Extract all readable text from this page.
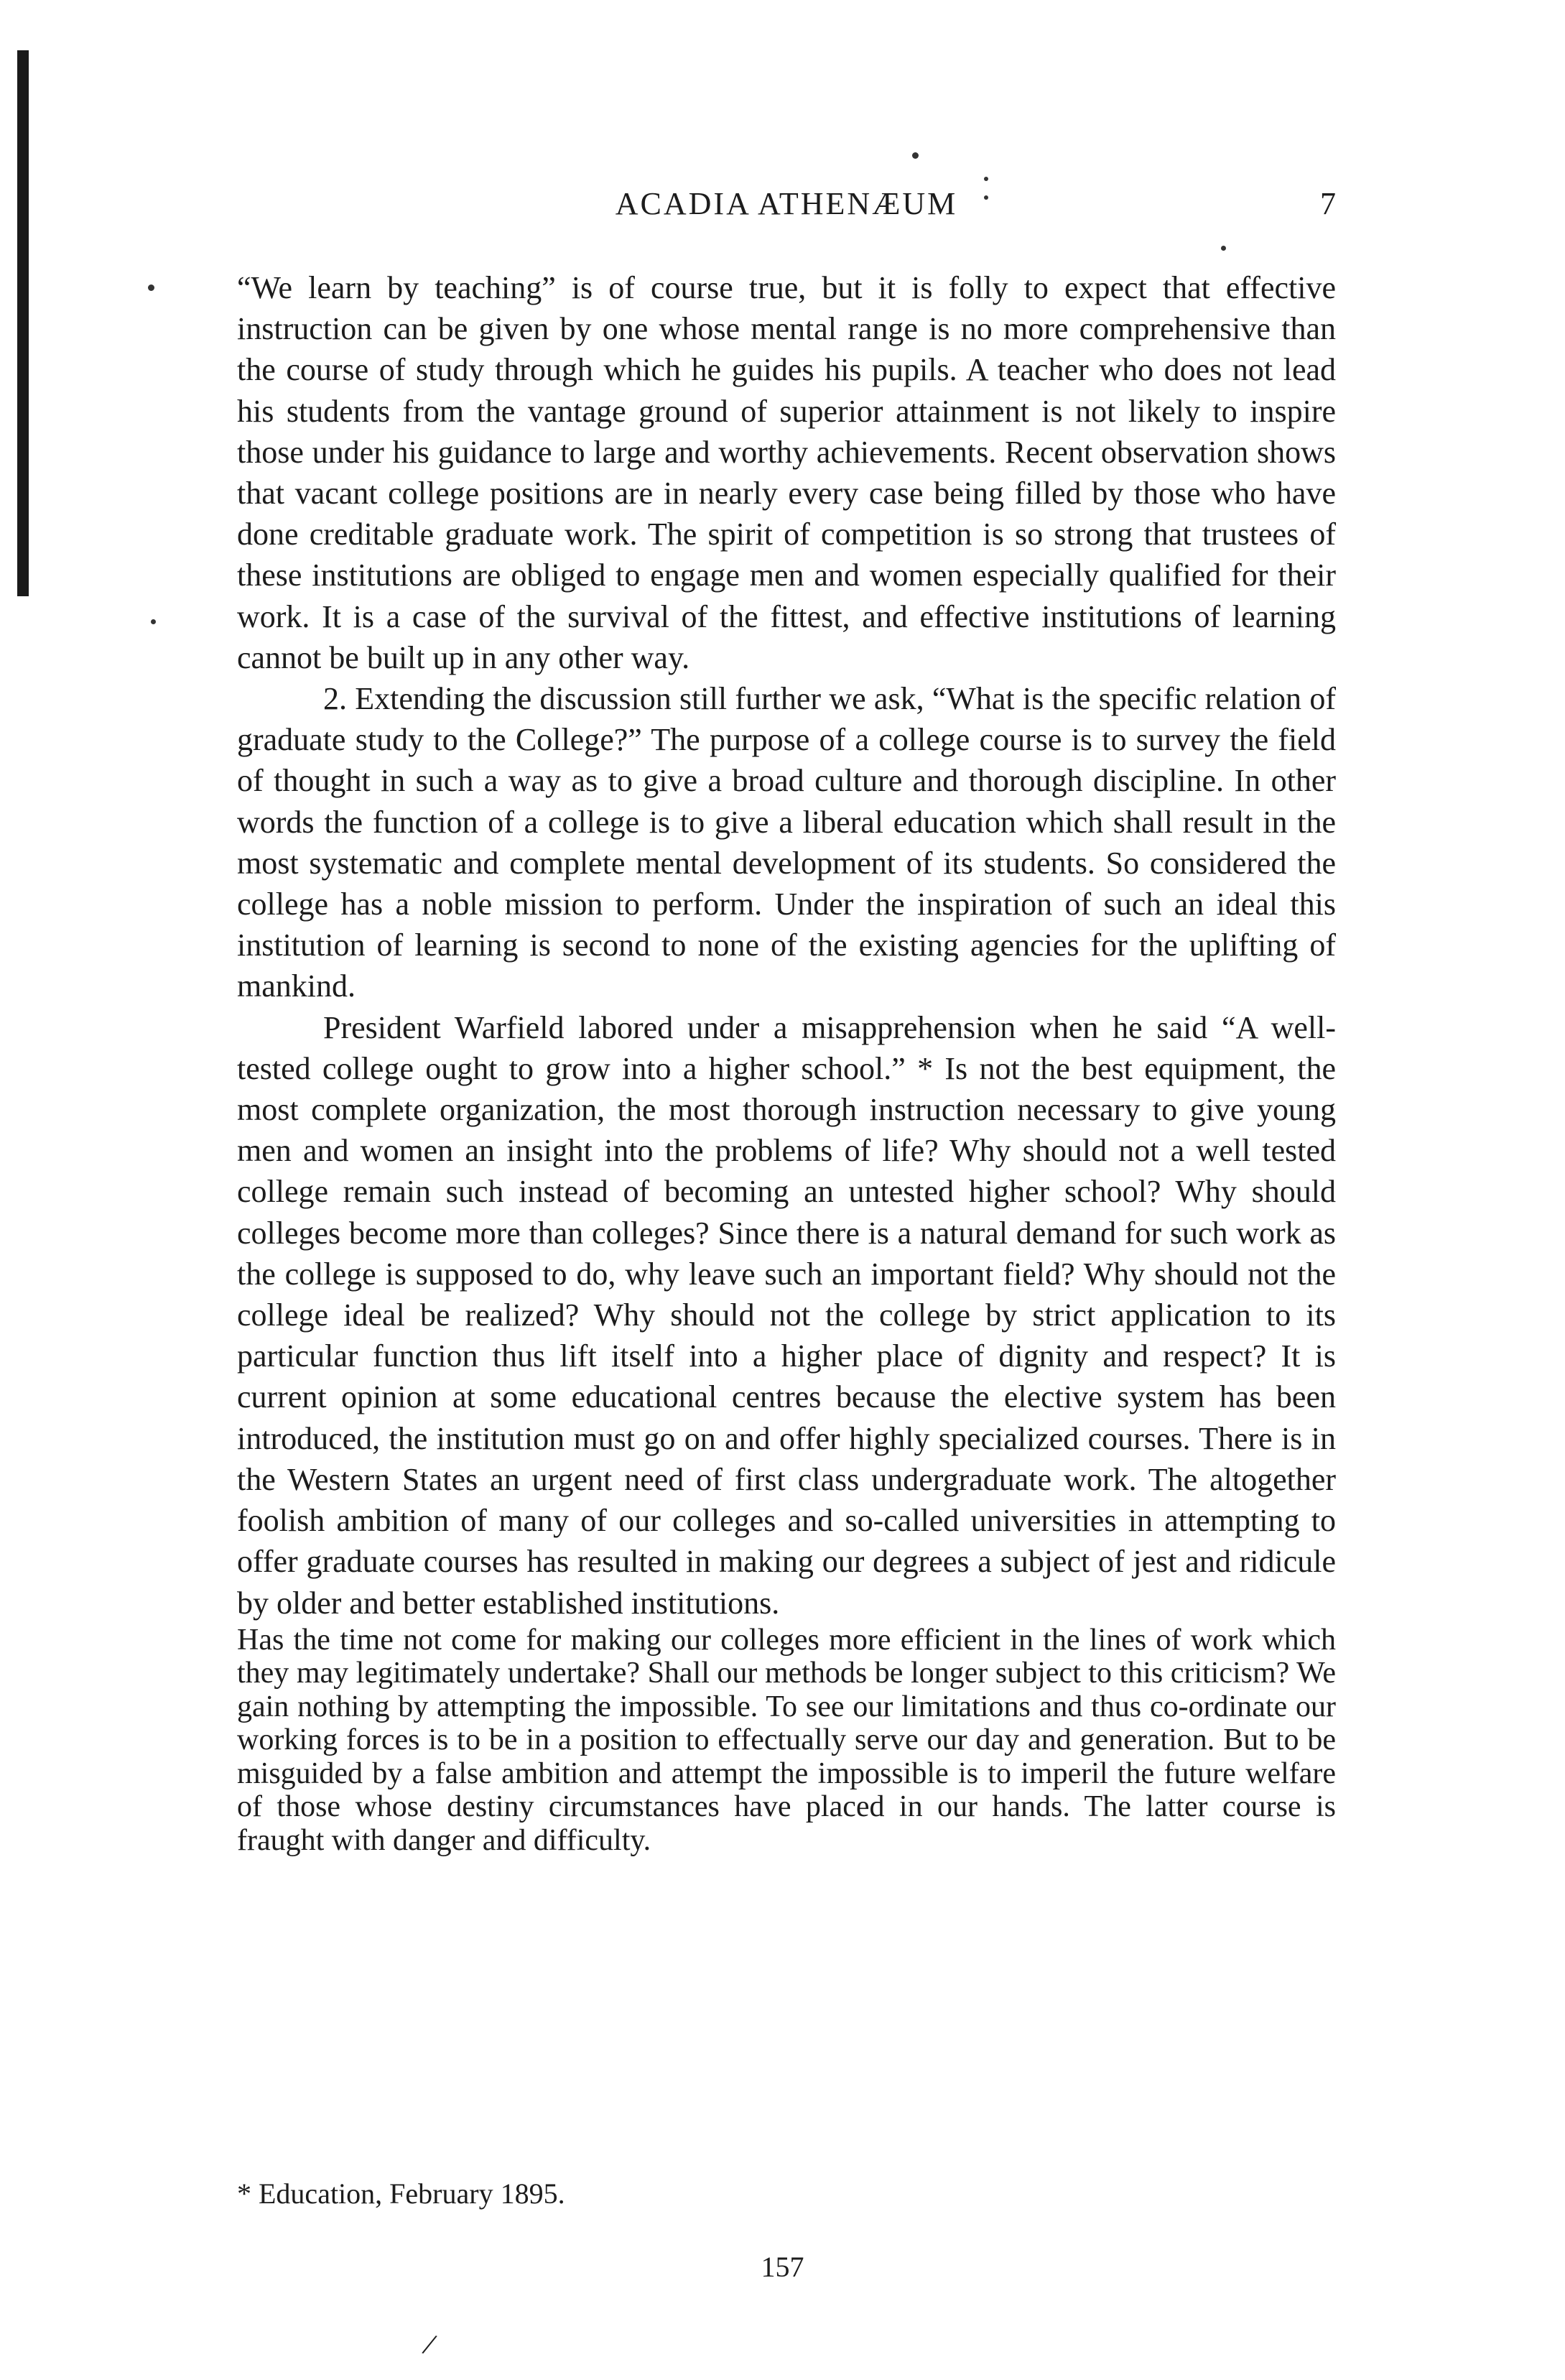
ACADIA ATHENÆUM	7

“We learn by teaching” is of course true, but it is folly to expect that effective instruction can be given by one whose mental range is no more comprehensive than the course of study through which he guides his pupils. A teacher who does not lead his students from the vantage ground of superior attainment is not likely to inspire those under his guidance to large and worthy achievements. Recent observation shows that vacant college positions are in nearly every case being filled by those who have done creditable graduate work. The spirit of competition is so strong that trustees of these institutions are obliged to engage men and women especially qualified for their work. It is a case of the survival of the fittest, and effective institutions of learning cannot be built up in any other way.

2. Extending the discussion still further we ask, “What is the specific relation of graduate study to the College?” The purpose of a college course is to survey the field of thought in such a way as to give a broad culture and thorough discipline. In other words the function of a college is to give a liberal education which shall result in the most systematic and complete mental development of its students. So considered the college has a noble mission to perform. Under the inspiration of such an ideal this institution of learning is second to none of the existing agencies for the uplifting of mankind.

President Warfield labored under a misapprehension when he said “A well-tested college ought to grow into a higher school.” * Is not the best equipment, the most complete organization, the most thorough instruction necessary to give young men and women an insight into the problems of life? Why should not a well tested college remain such instead of becoming an untested higher school? Why should colleges become more than colleges? Since there is a natural demand for such work as the college is supposed to do, why leave such an important field? Why should not the college ideal be realized? Why should not the college by strict application to its particular function thus lift itself into a higher place of dignity and respect? It is current opinion at some educational centres because the elective system has been introduced, the institution must go on and offer highly specialized courses. There is in the Western States an urgent need of first class undergraduate work. The altogether foolish ambition of many of our colleges and so-called universities in attempting to offer graduate courses has resulted in making our degrees a subject of jest and ridicule by older and better established institutions.

Has the time not come for making our colleges more efficient in the lines of work which they may legitimately undertake? Shall our methods be longer subject to this criticism? We gain nothing by attempting the impossible. To see our limitations and thus co-ordinate our working forces is to be in a position to effectually serve our day and generation. But to be misguided by a false ambition and attempt the impossible is to imperil the future welfare of those whose destiny circumstances have placed in our hands. The latter course is fraught with danger and difficulty.

* Education, February 1895.
157
/
